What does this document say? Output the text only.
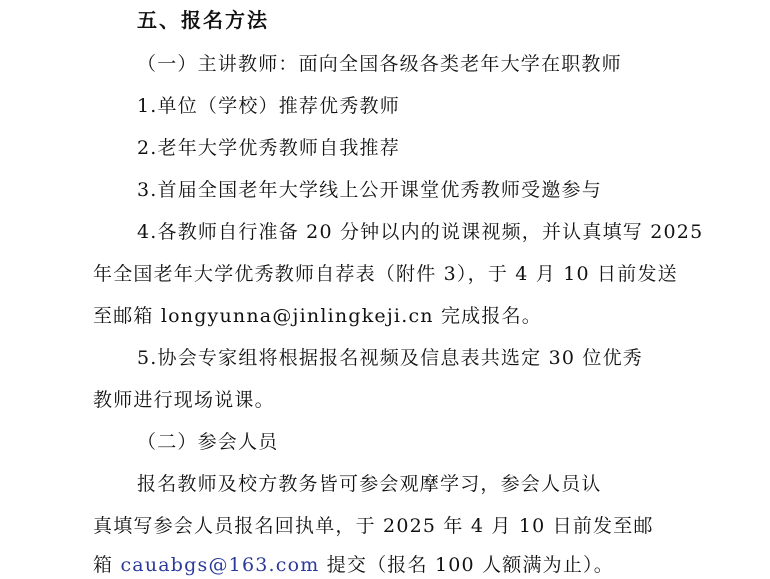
五、报名方法
（一）主讲教师：面向全国各级各类老年大学在职教师
1.单位（学校）推荐优秀教师
2.老年大学优秀教师自我推荐
3.首届全国老年大学线上公开课堂优秀教师受邀参与
4.各教师自行准备 20 分钟以内的说课视频，并认真填写 2025
年全国老年大学优秀教师自荐表（附件 3），于 4 月 10 日前发送
至邮箱 longyunna@jinlingkeji.cn 完成报名。
5.协会专家组将根据报名视频及信息表共选定 30 位优秀
教师进行现场说课。
（二）参会人员
报名教师及校方教务皆可参会观摩学习，参会人员认
真填写参会人员报名回执单，于 2025 年 4 月 10 日前发至邮
箱 cauabgs@163.com 提交（报名 100 人额满为止）。
